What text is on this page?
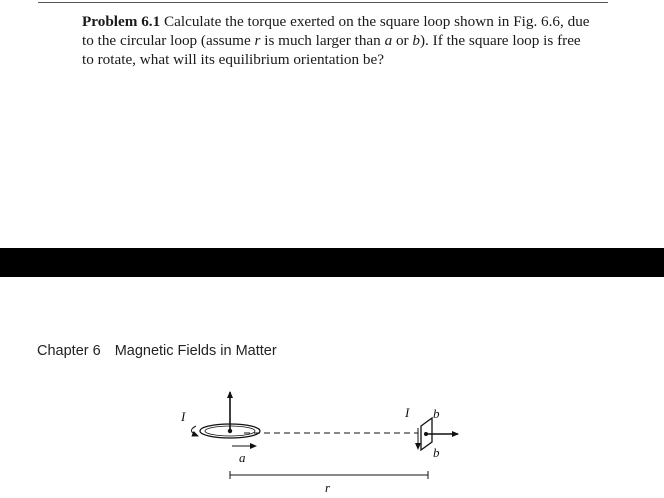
Problem 6.1 Calculate the torque exerted on the square loop shown in Fig. 6.6, due
to the circular loop (assume r is much larger than a or b). If the square loop is free
to rotate, what will its equilibrium orientation be?
Chapter 6 Magnetic Fields in Matter
I	I
a
b
b
r
